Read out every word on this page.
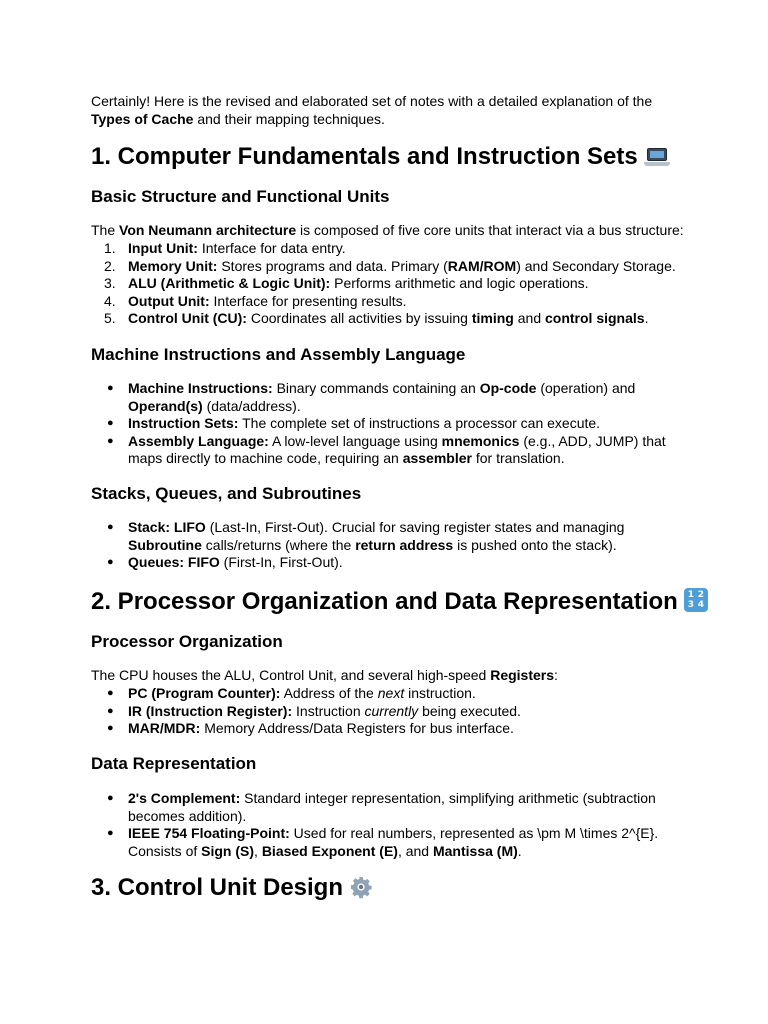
Certainly! Here is the revised and elaborated set of notes with a detailed explanation of the Types of Cache and their mapping techniques.

1. Computer Fundamentals and Instruction Sets
Basic Structure and Functional Units

The Von Neumann architecture is composed of five core units that interact via a bus structure:

1. Input Unit: Interface for data entry.
2. Memory Unit: Stores programs and data. Primary (RAM/ROM) and Secondary Storage.
3. ALU (Arithmetic & Logic Unit): Performs arithmetic and logic operations.
4. Output Unit: Interface for presenting results.
5. Control Unit (CU): Coordinates all activities by issuing timing and control signals.
Machine Instructions and Assembly Language
● Machine Instructions: Binary commands containing an Op-code (operation) and
Operand(s) (data/address).
● Instruction Sets: The complete set of instructions a processor can execute.
● Assembly Language: A low-level language using mnemonics (e.g., ADD, JUMP) that maps directly to machine code, requiring an assembler for translation.
Stacks, Queues, and Subroutines
● Stack: LIFO (Last-In, First-Out). Crucial for saving register states and managing Subroutine calls/returns (where the return address is pushed onto the stack).
● Queues: FIFO (First-In, First-Out).
2. Processor Organization and Data Representation 1 2
3 4
Processor Organization

The CPU houses the ALU, Control Unit, and several high-speed Registers:

● PC (Program Counter): Address of the next instruction.
● IR (Instruction Register): Instruction currently being executed.
● MAR/MDR: Memory Address/Data Registers for bus interface.
Data Representation
● 2's Complement: Standard integer representation, simplifying arithmetic (subtraction becomes addition).
● IEEE 754 Floating-Point: Used for real numbers, represented as \pm M \times 2^{E}. Consists of Sign (S), Biased Exponent (E), and Mantissa (M).
3. Control Unit Design
